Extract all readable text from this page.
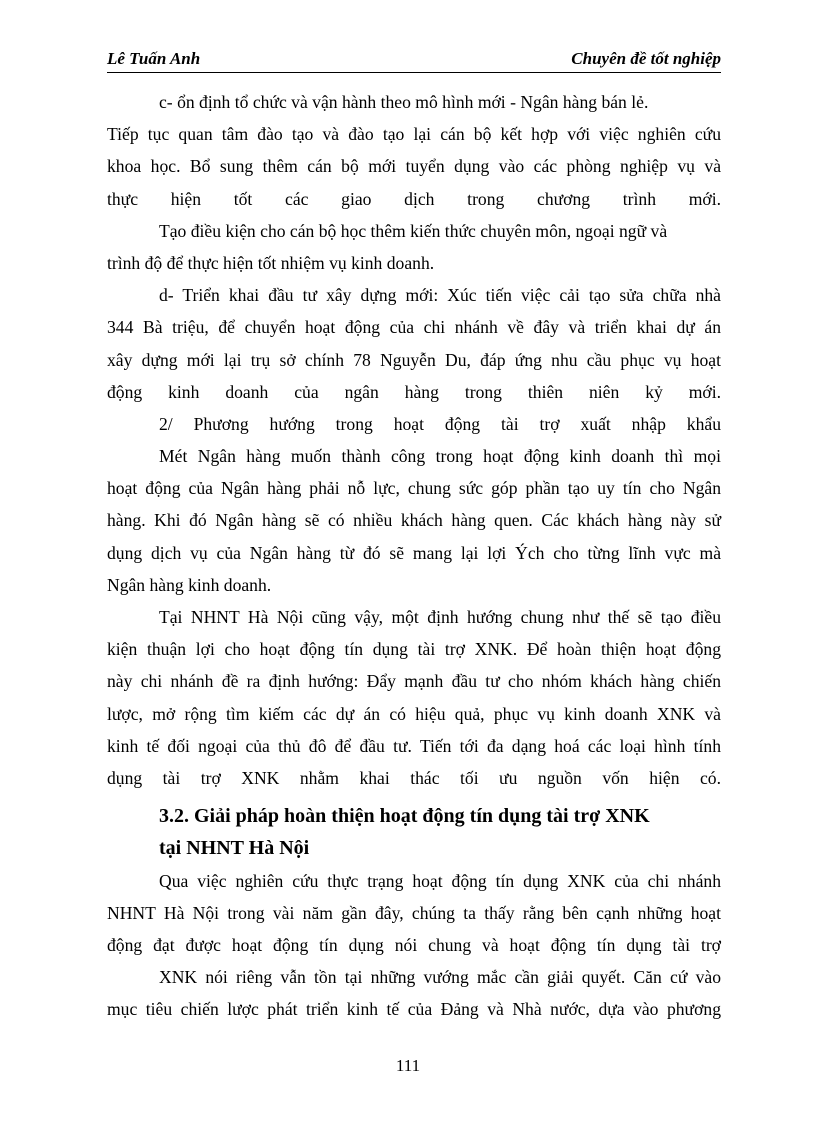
Lê Tuấn Anh	Chuyên đề tốt nghiệp
c- ổn định tổ chức và vận hành theo mô hình mới - Ngân hàng bán lẻ.
Tiếp tục quan tâm đào tạo và đào tạo lại cán bộ kết hợp với việc nghiên cứu
khoa học. Bổ sung thêm cán bộ mới tuyển dụng vào các phòng nghiệp vụ và
thực hiện tốt các giao dịch trong chương trình mới.
Tạo điều kiện cho cán bộ học thêm kiến thức chuyên môn, ngoại ngữ và
trình độ để thực hiện tốt nhiệm vụ kinh doanh.
d- Triển khai đầu tư xây dựng mới: Xúc tiến việc cải tạo sửa chữa nhà
344 Bà triệu, để chuyển hoạt động của chi nhánh về đây và triển khai dự án
xây dựng mới lại trụ sở chính 78 Nguyễn Du, đáp ứng nhu cầu phục vụ hoạt
động kinh doanh của ngân hàng trong thiên niên kỷ mới.
2/ Phương hướng trong hoạt động tài trợ xuất nhập khẩu
Mét Ngân hàng muốn thành công trong hoạt động kinh doanh thì mọi
hoạt động của Ngân hàng phải nỗ lực, chung sức góp phần tạo uy tín cho Ngân
hàng. Khi đó Ngân hàng sẽ có nhiều khách hàng quen. Các khách hàng này sử
dụng dịch vụ của Ngân hàng từ đó sẽ mang lại lợi Ých cho từng lĩnh vực mà
Ngân hàng kinh doanh.
Tại NHNT Hà Nội cũng vậy, một định hướng chung như thế sẽ tạo điều
kiện thuận lợi cho hoạt động tín dụng tài trợ XNK. Để hoàn thiện hoạt động
này chi nhánh đề ra định hướng: Đẩy mạnh đầu tư cho nhóm khách hàng chiến
lược, mở rộng tìm kiếm các dự án có hiệu quả, phục vụ kinh doanh XNK và
kinh tế đối ngoại của thủ đô để đầu tư. Tiến tới đa dạng hoá các loại hình tính
dụng tài trợ XNK nhằm khai thác tối ưu nguồn vốn hiện có.
3.2. Giải pháp hoàn thiện hoạt động tín dụng tài trợ XNK
tại NHNT Hà Nội
Qua việc nghiên cứu thực trạng hoạt động tín dụng XNK của chi nhánh
NHNT Hà Nội trong vài năm gần đây, chúng ta thấy rằng bên cạnh những hoạt
động đạt được hoạt động tín dụng nói chung và hoạt động tín dụng tài trợ
XNK nói riêng vẫn tồn tại những vướng mắc cần giải quyết. Căn cứ vào
mục tiêu chiến lược phát triển kinh tế của Đảng và Nhà nước, dựa vào phương
111
